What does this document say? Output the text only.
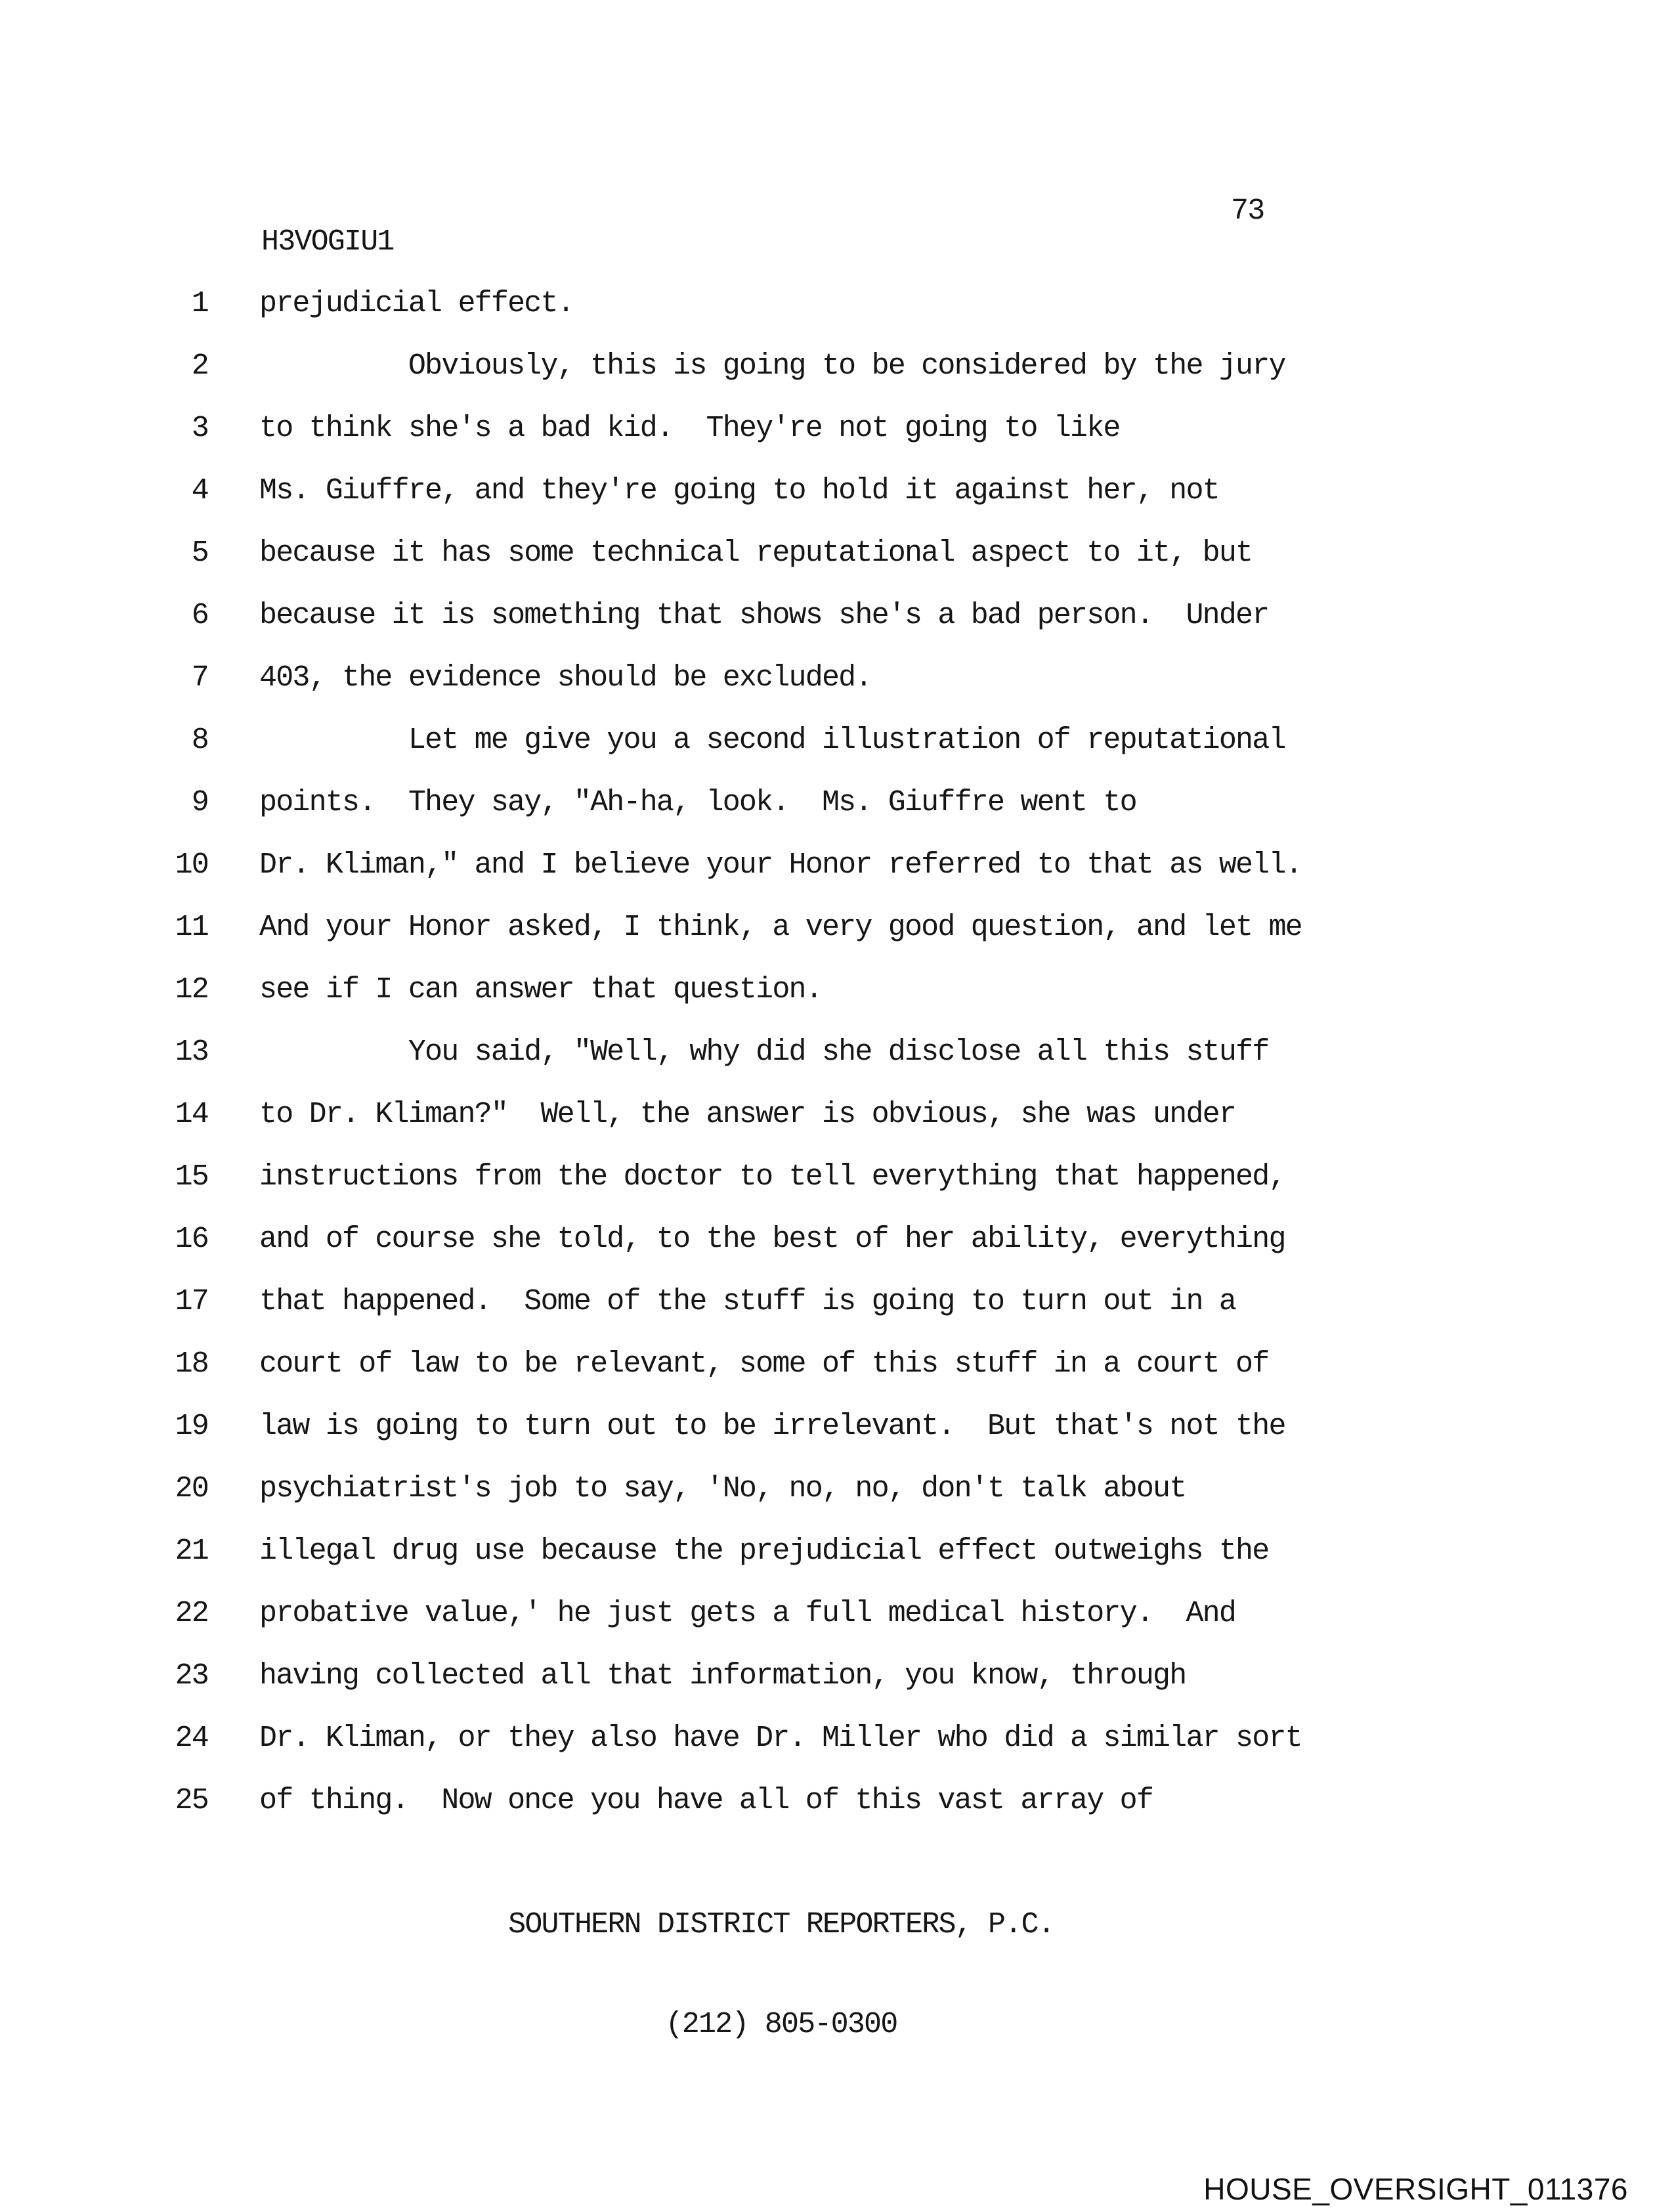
73
H3VOGIU1
1 prejudicial effect.
2         Obviously, this is going to be considered by the jury
3 to think she's a bad kid.  They're not going to like
4 Ms. Giuffre, and they're going to hold it against her, not
5 because it has some technical reputational aspect to it, but
6 because it is something that shows she's a bad person.  Under
7 403, the evidence should be excluded.
8         Let me give you a second illustration of reputational
9 points.  They say, "Ah-ha, look.  Ms. Giuffre went to
10 Dr. Kliman," and I believe your Honor referred to that as well.
11 And your Honor asked, I think, a very good question, and let me
12 see if I can answer that question.
13         You said, "Well, why did she disclose all this stuff
14 to Dr. Kliman?"  Well, the answer is obvious, she was under
15 instructions from the doctor to tell everything that happened,
16 and of course she told, to the best of her ability, everything
17 that happened.  Some of the stuff is going to turn out in a
18 court of law to be relevant, some of this stuff in a court of
19 law is going to turn out to be irrelevant.  But that's not the
20 psychiatrist's job to say, 'No, no, no, don't talk about
21 illegal drug use because the prejudicial effect outweighs the
22 probative value,' he just gets a full medical history.  And
23 having collected all that information, you know, through
24 Dr. Kliman, or they also have Dr. Miller who did a similar sort
25 of thing.  Now once you have all of this vast array of

SOUTHERN DISTRICT REPORTERS, P.C.

(212) 805-0300

HOUSE_OVERSIGHT_011376
